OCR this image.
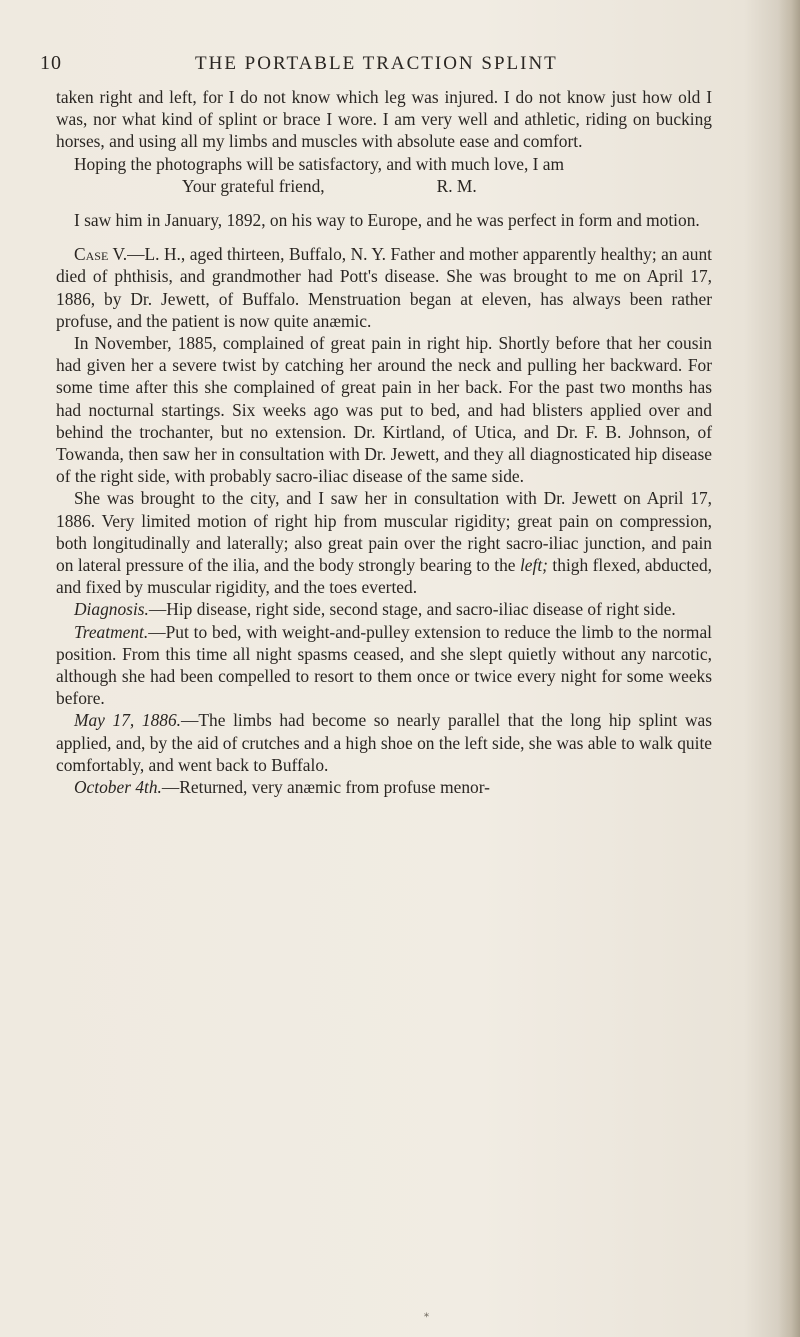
10	THE PORTABLE TRACTION SPLINT

taken right and left, for I do not know which leg was injured. I do not know just how old I was, nor what kind of splint or brace I wore. I am very well and athletic, riding on bucking horses, and using all my limbs and muscles with absolute ease and comfort.

Hoping the photographs will be satisfactory, and with much love, I am

Your grateful friend,	R. M.

I saw him in January, 1892, on his way to Europe, and he was perfect in form and motion.

Case V.—L. H., aged thirteen, Buffalo, N. Y. Father and mother apparently healthy; an aunt died of phthisis, and grandmother had Pott's disease. She was brought to me on April 17, 1886, by Dr. Jewett, of Buffalo. Menstruation began at eleven, has always been rather profuse, and the patient is now quite anæmic.

In November, 1885, complained of great pain in right hip. Shortly before that her cousin had given her a severe twist by catching her around the neck and pulling her backward. For some time after this she complained of great pain in her back. For the past two months has had nocturnal startings. Six weeks ago was put to bed, and had blisters applied over and behind the trochanter, but no extension. Dr. Kirtland, of Utica, and Dr. F. B. Johnson, of Towanda, then saw her in consultation with Dr. Jewett, and they all diagnosticated hip disease of the right side, with probably sacro-iliac disease of the same side.

She was brought to the city, and I saw her in consultation with Dr. Jewett on April 17, 1886. Very limited motion of right hip from muscular rigidity; great pain on compression, both longitudinally and laterally; also great pain over the right sacro-iliac junction, and pain on lateral pressure of the ilia, and the body strongly bearing to the left; thigh flexed, abducted, and fixed by muscular rigidity, and the toes everted.

Diagnosis.—Hip disease, right side, second stage, and sacro-iliac disease of right side.

Treatment.—Put to bed, with weight-and-pulley extension to reduce the limb to the normal position. From this time all night spasms ceased, and she slept quietly without any narcotic, although she had been compelled to resort to them once or twice every night for some weeks before.

May 17, 1886.—The limbs had become so nearly parallel that the long hip splint was applied, and, by the aid of crutches and a high shoe on the left side, she was able to walk quite comfortably, and went back to Buffalo.

October 4th.—Returned, very anæmic from profuse menor-

*
